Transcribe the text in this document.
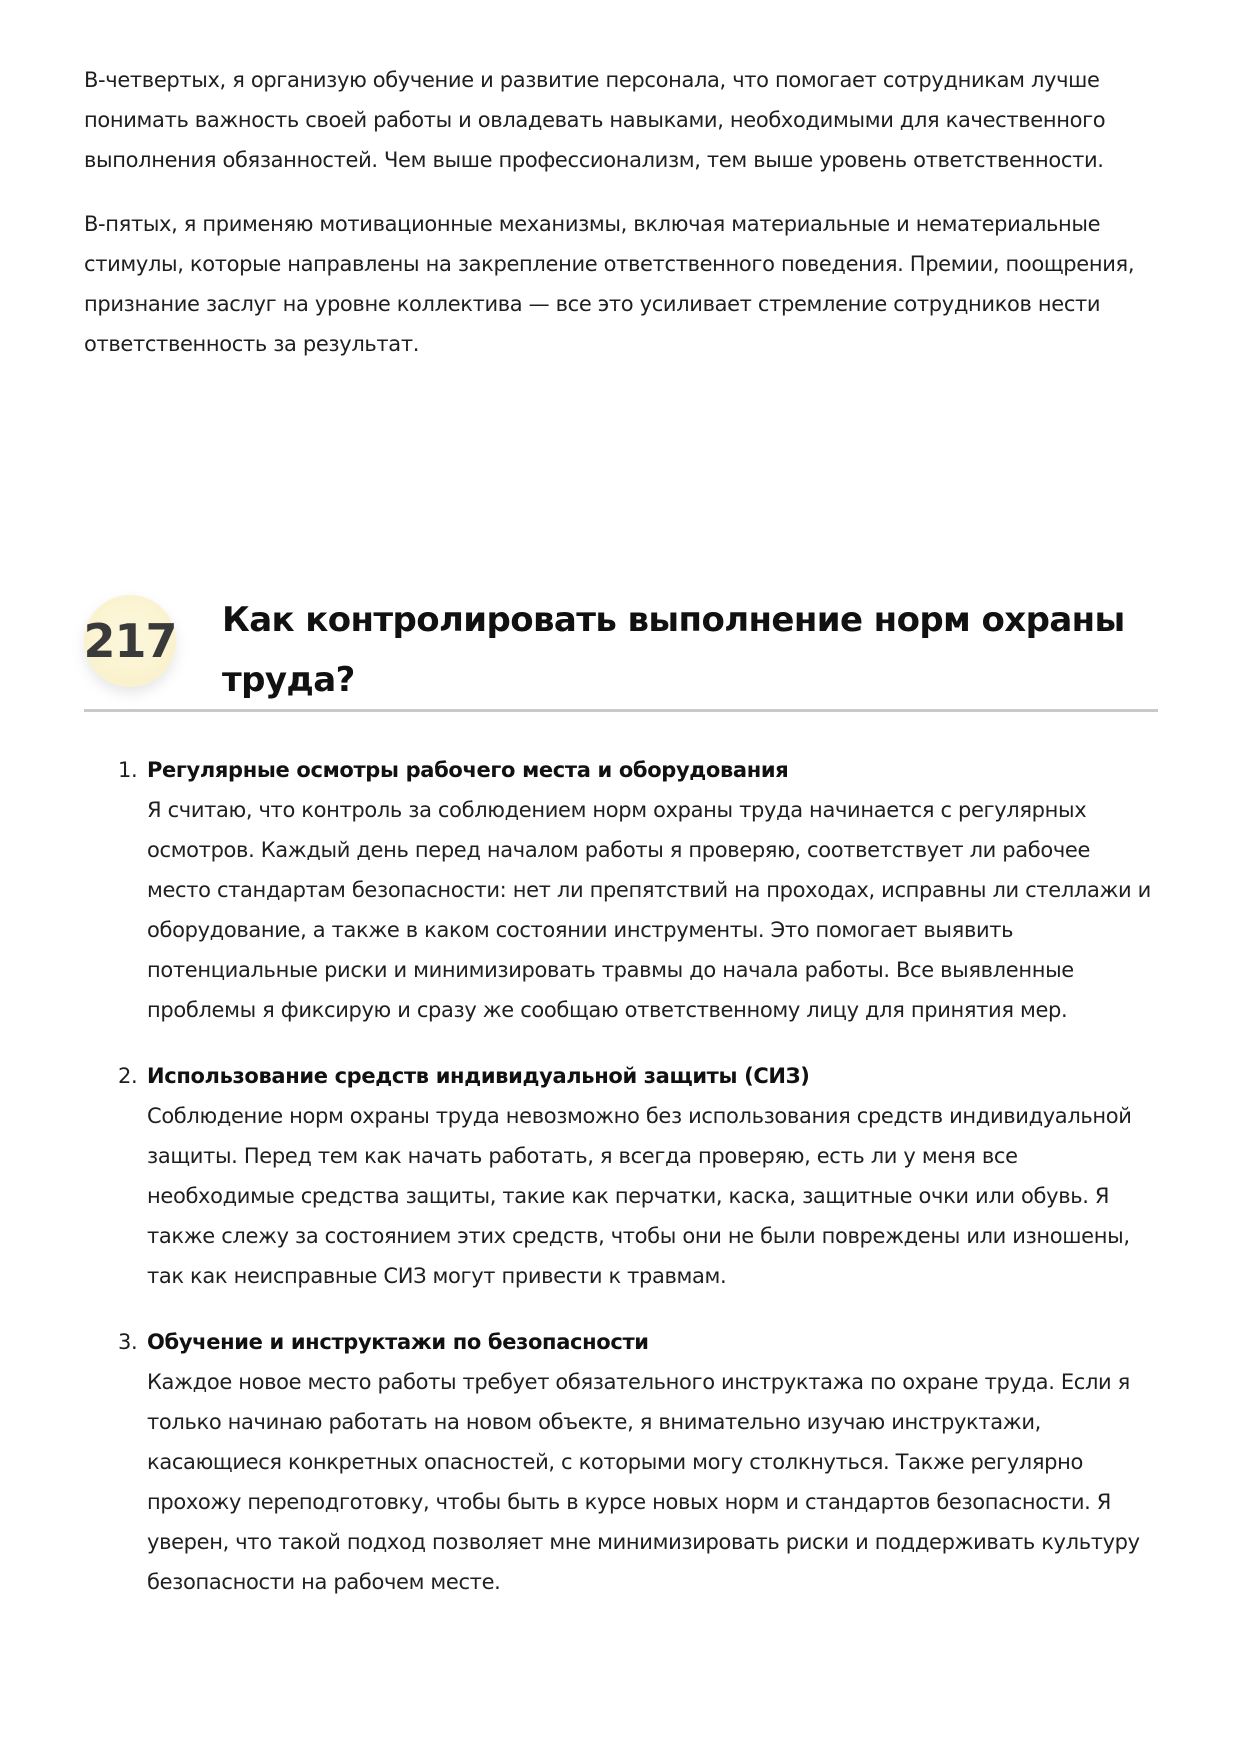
В-четвертых, я организую обучение и развитие персонала, что помогает сотрудникам лучше понимать важность своей работы и овладевать навыками, необходимыми для качественного выполнения обязанностей. Чем выше профессионализм, тем выше уровень ответственности.

В-пятых, я применяю мотивационные механизмы, включая материальные и нематериальные стимулы, которые направлены на закрепление ответственного поведения. Премии, поощрения, признание заслуг на уровне коллектива — все это усиливает стремление сотрудников нести ответственность за результат.

217 Как контролировать выполнение норм охраны труда?
1. Регулярные осмотры рабочего места и оборудования
Я считаю, что контроль за соблюдением норм охраны труда начинается с регулярных осмотров. Каждый день перед началом работы я проверяю, соответствует ли рабочее место стандартам безопасности: нет ли препятствий на проходах, исправны ли стеллажи и оборудование, а также в каком состоянии инструменты. Это помогает выявить потенциальные риски и минимизировать травмы до начала работы. Все выявленные проблемы я фиксирую и сразу же сообщаю ответственному лицу для принятия мер.
2. Использование средств индивидуальной защиты (СИЗ)
Соблюдение норм охраны труда невозможно без использования средств индивидуальной защиты. Перед тем как начать работать, я всегда проверяю, есть ли у меня все необходимые средства защиты, такие как перчатки, каска, защитные очки или обувь. Я также слежу за состоянием этих средств, чтобы они не были повреждены или изношены, так как неисправные СИЗ могут привести к травмам.
3. Обучение и инструктажи по безопасности
Каждое новое место работы требует обязательного инструктажа по охране труда. Если я только начинаю работать на новом объекте, я внимательно изучаю инструктажи, касающиеся конкретных опасностей, с которыми могу столкнуться. Также регулярно прохожу переподготовку, чтобы быть в курсе новых норм и стандартов безопасности. Я уверен, что такой подход позволяет мне минимизировать риски и поддерживать культуру безопасности на рабочем месте.
